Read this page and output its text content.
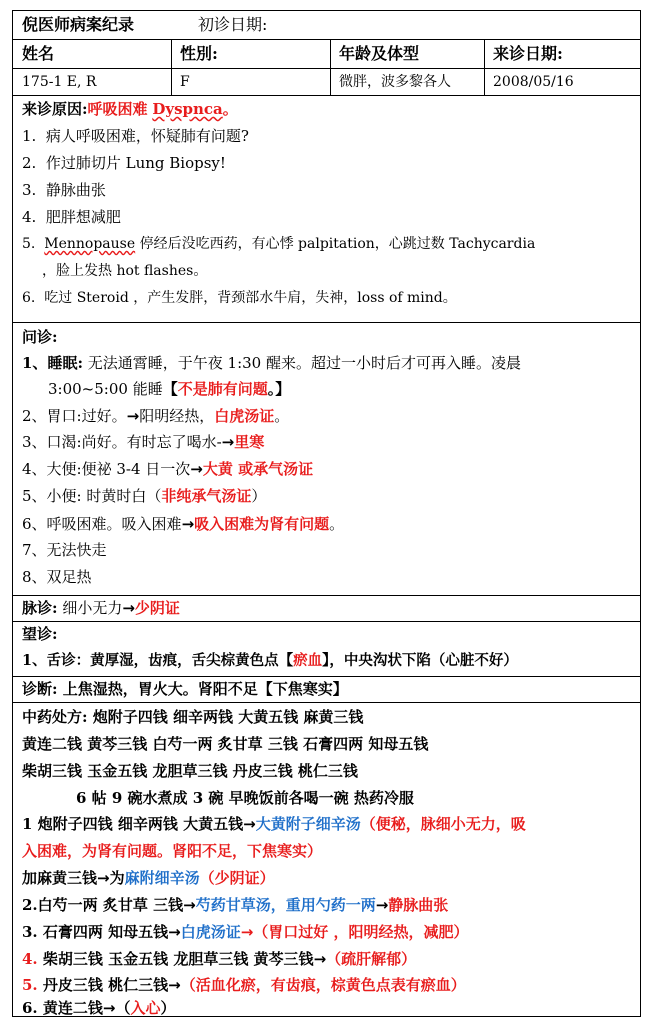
倪医师病案纪录	初诊日期:
姓名	性別:	年龄及体型	来诊日期:
175-1 E, R	F	微胖，波多黎各人	2008/05/16
来诊原因:呼吸困难 Dyspnca。
1. 病人呼吸困难，怀疑肺有问题?
2. 作过肺切片 Lung Biopsy!
3. 静脉曲张
4. 肥胖想减肥
5. Mennopause 停经后没吃西药，有心悸 palpitation，心跳过数 Tachycardia
，脸上发热 hot flashes。
6. 吃过 Steroid ，产生发胖，背颈部水牛肩，失神，loss of mind。
问诊:
1、睡眠: 无法通霄睡，于午夜 1:30 醒来。超过一小时后才可再入睡。凌晨
3:00~5:00 能睡【不是肺有问题。】
2、胃口:过好。→阳明经热，白虎汤证。
3、口渴:尚好。有时忘了喝水-→里寒
4、大便:便祕 3-4 日一次→大黄 或承气汤证
5、小便: 时黄时白（非纯承气汤证）
6、呼吸困难。吸入困难→吸入困难为肾有问题。
7、无法快走
8、双足热
脉诊: 细小无力→少阴证
望诊:
1、舌诊：黄厚湿，齿痕，舌尖棕黄色点【瘀血】，中央沟状下陷（心脏不好）
诊断: 上焦湿热，胃火大。肾阳不足【下焦寒实】
中药处方: 炮附子四钱 细辛两钱 大黄五钱 麻黄三钱
黄连二钱 黄芩三钱 白芍一两 炙甘草 三钱 石膏四两 知母五钱
柴胡三钱 玉金五钱 龙胆草三钱 丹皮三钱 桃仁三钱
6 帖 9 碗水煮成 3 碗 早晚饭前各喝一碗 热药冷服
1 炮附子四钱 细辛两钱 大黄五钱→大黄附子细辛汤（便秘，脉细小无力，吸
入困难，为肾有问题。肾阳不足，下焦寒实）
加麻黄三钱→为麻附细辛汤（少阴证）
2.白芍一两 炙甘草 三钱→芍药甘草汤，重用勺药一两→静脉曲张
3. 石膏四两 知母五钱→白虎汤证→（胃口过好 ，阳明经热，减肥）
4. 柴胡三钱 玉金五钱 龙胆草三钱 黄芩三钱→（疏肝解郁）
5. 丹皮三钱 桃仁三钱→（活血化瘀，有齿痕，棕黄色点表有瘀血）
6. 黄连二钱→（入心）
